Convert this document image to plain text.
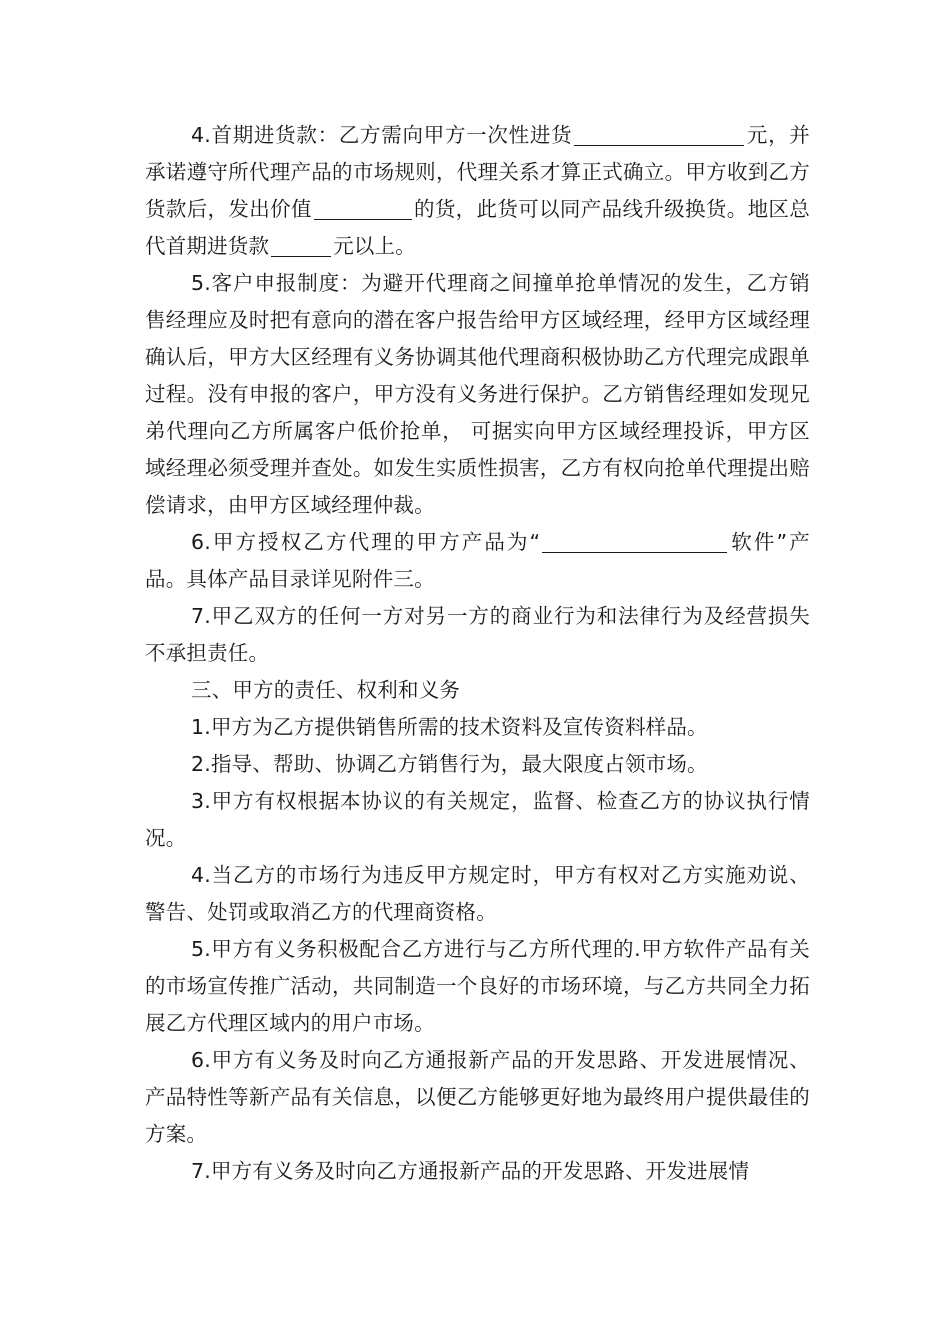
4.首期进货款：乙方需向甲方一次性进货	元，并承诺遵守所代理产品的市场规则，代理关系才算正式确立。甲方收到乙方货款后，发出价值	的货，此货可以同产品线升级换货。地区总代首期进货款	元以上。

5.客户申报制度：为避开代理商之间撞单抢单情况的发生，乙方销售经理应及时把有意向的潜在客户报告给甲方区域经理，经甲方区域经理确认后，甲方大区经理有义务协调其他代理商积极协助乙方代理完成跟单过程。没有申报的客户，甲方没有义务进行保护。乙方销售经理如发现兄弟代理向乙方所属客户低价抢单， 可据实向甲方区域经理投诉，甲方区域经理必须受理并查处。如发生实质性损害，乙方有权向抢单代理提出赔偿请求，由甲方区域经理仲裁。

6.甲方授权乙方代理的甲方产品为“	软件”产品。具体产品目录详见附件三。

7.甲乙双方的任何一方对另一方的商业行为和法律行为及经营损失不承担责任。

三、甲方的责任、权利和义务

1.甲方为乙方提供销售所需的技术资料及宣传资料样品。

2.指导、帮助、协调乙方销售行为，最大限度占领市场。

3.甲方有权根据本协议的有关规定，监督、检查乙方的协议执行情况。

4.当乙方的市场行为违反甲方规定时，甲方有权对乙方实施劝说、警告、处罚或取消乙方的代理商资格。

5.甲方有义务积极配合乙方进行与乙方所代理的.甲方软件产品有关的市场宣传推广活动，共同制造一个良好的市场环境，与乙方共同全力拓展乙方代理区域内的用户市场。

6.甲方有义务及时向乙方通报新产品的开发思路、开发进展情况、产品特性等新产品有关信息，以便乙方能够更好地为最终用户提供最佳的方案。

7.甲方有义务及时向乙方通报新产品的开发思路、开发进展情
